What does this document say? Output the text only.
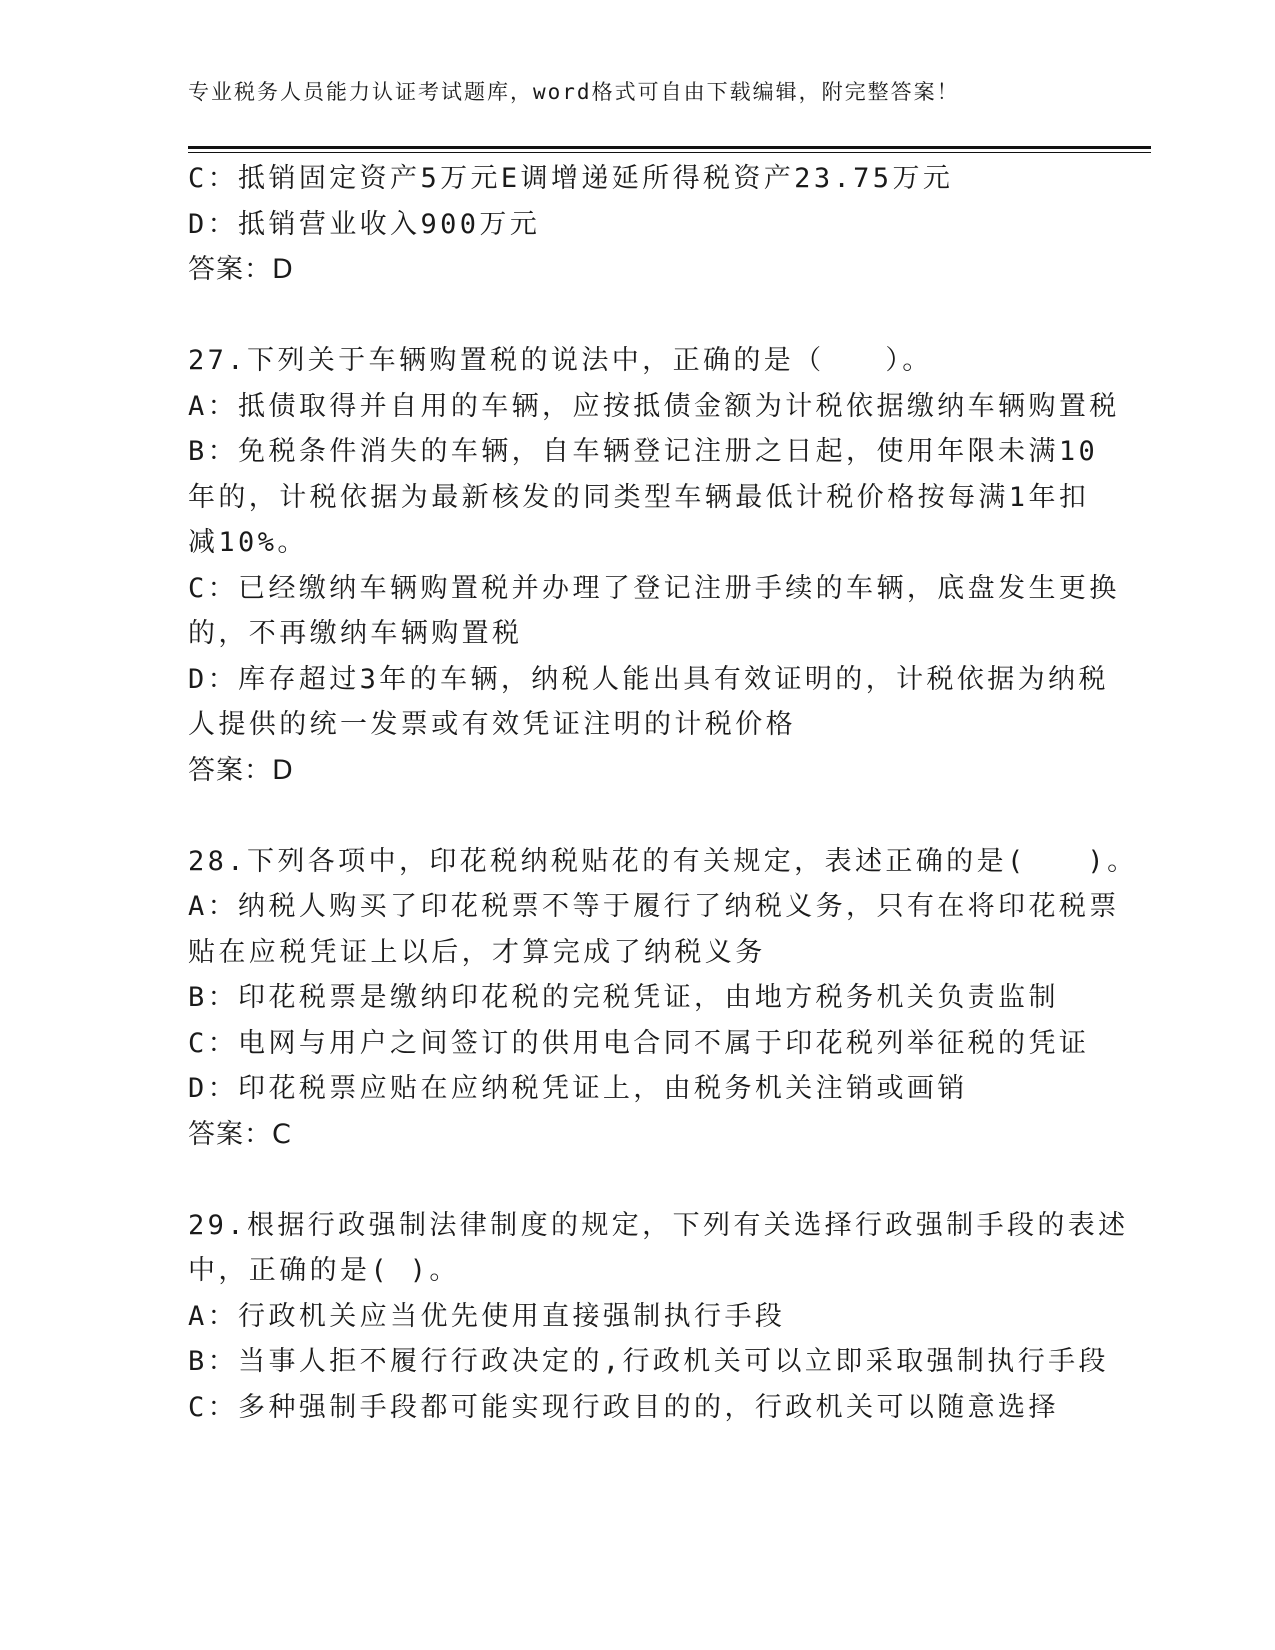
专业税务人员能力认证考试题库，word格式可自由下载编辑，附完整答案！
C：抵销固定资产5万元E调增递延所得税资产23.75万元
D：抵销营业收入900万元
答案：D
27.下列关于车辆购置税的说法中，正确的是（　　）。
A：抵债取得并自用的车辆，应按抵债金额为计税依据缴纳车辆购置税
B：免税条件消失的车辆，自车辆登记注册之日起，使用年限未满10
年的，计税依据为最新核发的同类型车辆最低计税价格按每满1年扣
减10%。
C：已经缴纳车辆购置税并办理了登记注册手续的车辆，底盘发生更换
的，不再缴纳车辆购置税
D：库存超过3年的车辆，纳税人能出具有效证明的，计税依据为纳税
人提供的统一发票或有效凭证注明的计税价格
答案：D
28.下列各项中，印花税纳税贴花的有关规定，表述正确的是(　　)。
A：纳税人购买了印花税票不等于履行了纳税义务，只有在将印花税票
贴在应税凭证上以后，才算完成了纳税义务
B：印花税票是缴纳印花税的完税凭证，由地方税务机关负责监制
C：电网与用户之间签订的供用电合同不属于印花税列举征税的凭证
D：印花税票应贴在应纳税凭证上，由税务机关注销或画销
答案：C
29.根据行政强制法律制度的规定，下列有关选择行政强制手段的表述
中，正确的是( )。
A：行政机关应当优先使用直接强制执行手段
B：当事人拒不履行行政决定的,行政机关可以立即采取强制执行手段
C：多种强制手段都可能实现行政目的的，行政机关可以随意选择
